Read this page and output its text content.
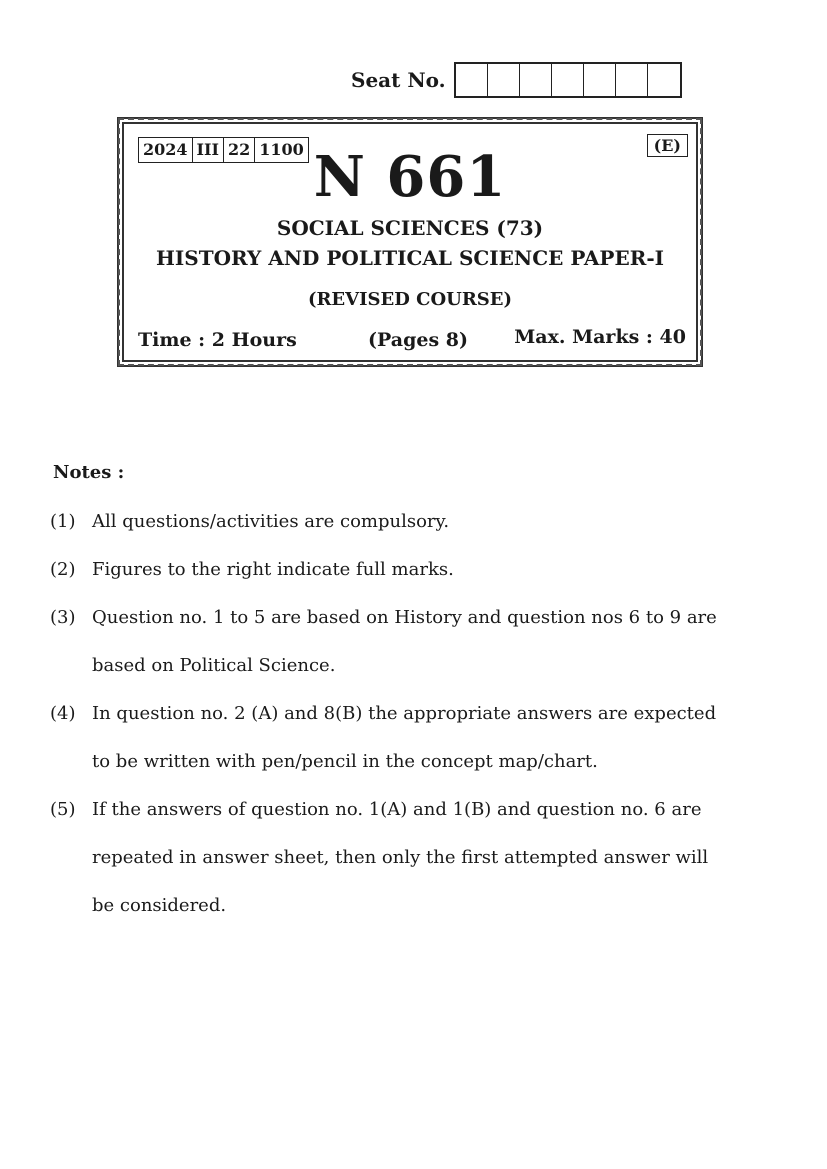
Seat No.
2024 III 22 1100	(E)
N 661
SOCIAL SCIENCES (73)
HISTORY AND POLITICAL SCIENCE PAPER-I
(REVISED COURSE)
Time : 2 Hours	(Pages 8) Max. Marks : 40
Notes :
(1) All questions/activities are compulsory.
(2) Figures to the right indicate full marks.
(3) Question no. 1 to 5 are based on History and question nos 6 to 9 are
based on Political Science.
(4) In question no. 2 (A) and 8(B) the appropriate answers are expected
to be written with pen/pencil in the concept map/chart.
(5) If the answers of question no. 1(A) and 1(B) and question no. 6 are
repeated in answer sheet, then only the first attempted answer will
be considered.
